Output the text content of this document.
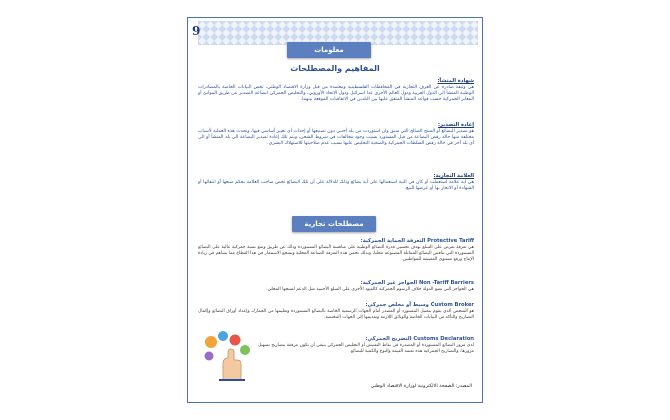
9
معلومات
المفاهيم والمصطلحات

شهادة المنشأ:

هي وثيقة صادرة عن الغرف التجارية في المحافظات الفلسطينية ومعتمدة من قبل وزارة الاقتصاد الوطني، تخص البيانات الخاصة بالمصادرات الوطنية المنشأ الى الدول العربية ودول العالم الأخرى عدا اسرائيل ودول الاتحاد الأوروبي، والتخليص الجمركي لبضاعة التصدير عن طريق الموانئ أو المعابر الجمركية حسب قواعد المنشأ المتفق عليها بين البلدين في الاتفاقيات الموقعة بينهما.

إعادة التصدير:

هو تصدير البضائع أو المنتج الصالح التي سبق وان استوردت من بلد أجنبي دون تصنيعها أو إحداث أي تغيير أساسي فيها، وتحدث هذه العملية لأسباب مختلفة منها حالة رفض البضاعة من قبل المستورد بسبب وجود مخالفات في شروط الشحن، ويتم تلك إعادة تصدير البضاعة الى بلد المنشأ أو الى أي بلد آخر في حالة رفض السلطات الجمركية والصحية التخليص عليها بسبب عدم صلاحيتها للاستهلاك البشري.

العلامة التجارية:

هي أية علامة استعملت أو كان في النية استعمالها على أية بضائع وذلك للدلالة على أن تلك البضائع تخص صاحب العلامة بحكم صنعها أو انتقائها أو الشهادة أو الاتجار بها أو عرضها للبيع.

مصطلحات تجارية

Protective Tariff التعرفة الحماية الجمركية:

هي تعرفة تفرض على السلع بهدف تحسين قدرة البضائع الوطنية على منافسة البضائع المستوردة وذلك عن طريق وضع نسبة جمركية عالية على البضائع المستوردة التي تنافس البضائع المماثلة المصنوعة محليا، وبذلك تحمي هذه التعرفة الصناعة المحلية وتشجع الاستثمار في هذا القطاع مما يساهم في زيادة الإنتاج ورفع مستوى المعيشة للمواطنين.

Non -Tariff Barriers الحواجز غير الجمركية:

هي الحواجز التي تضع الدولة خلاف الرسوم الجمركية كالقيود الأخرى على السلع الأجنبية مثل الدعم لمنتجها المحلي.

Custom Broker وسيط أو مخلص جمركي:

هو الشخص الذي يقوم بتمثيل المستورد أو المصدر أمام الجهات الرسمية الخاصة بالبضائع المستوردة وتعليمها من الجمارك وإعداد أوراق البضائع وإكمال التصاريح والتأكد من البيانات الخاصة والوثائق اللازمة وتقديمها إلى الجهات المختصة.

Customs Declaration التصريح الجمركي:

لدى مرور البضائع المستوردة أو المصدرة في نقاط التفتيش أو التخليص الجمركي ينبغي أن تكون مرفقة بتصاريح تسهيل مرورها، والتصاريح الجمركية هذه تعتمد القيمة والنوع والكمية للبضائع.

المصدر: الصفحة الالكترونية لوزارة الاقتصاد الوطني
